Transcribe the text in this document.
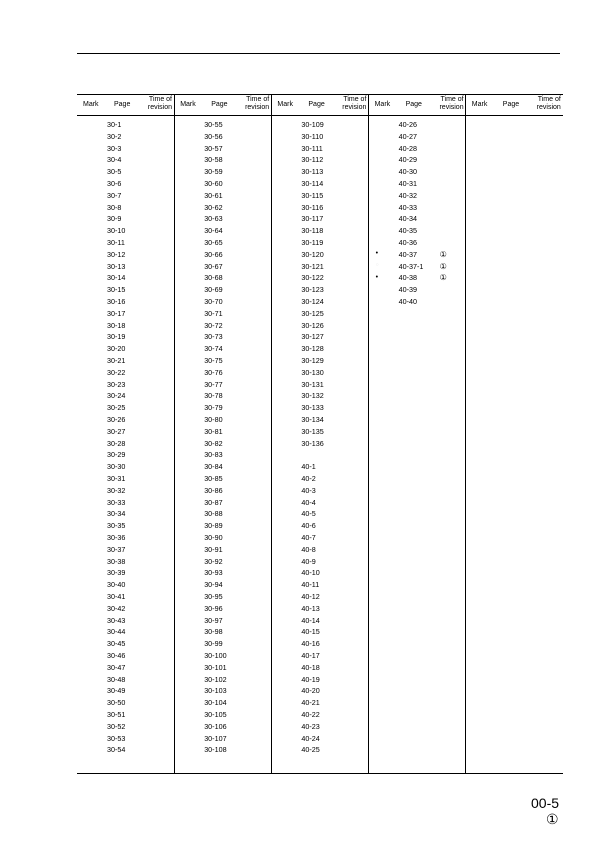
Mark Page
Time of
revision
30-1
30-2
30-3
30-4
30-5
30-6
30-7
30-8
30-9
30-10
30-11
30-12
30-13
30-14
30-15
30-16
30-17
30-18
30-19
30-20
30-21
30-22
30-23
30-24
30-25
30-26
30-27
30-28
30-29
30-30
30-31
30-32
30-33
30-34
30-35
30-36
30-37
30-38
30-39
30-40
30-41
30-42
30-43
30-44
30-45
30-46
30-47
30-48
30-49
30-50
30-51
30-52
30-53
30-54
Mark Page
Time of
revision
30-55
30-56
30-57
30-58
30-59
30-60
30-61
30-62
30-63
30-64
30-65
30-66
30-67
30-68
30-69
30-70
30-71
30-72
30-73
30-74
30-75
30-76
30-77
30-78
30-79
30-80
30-81
30-82
30-83
30-84
30-85
30-86
30-87
30-88
30-89
30-90
30-91
30-92
30-93
30-94
30-95
30-96
30-97
30-98
30-99
30-100
30-101
30-102
30-103
30-104
30-105
30-106
30-107
30-108
Mark Page
Time of
revision
30-109
30-110
30-111
30-112
30-113
30-114
30-115
30-116
30-117
30-118
30-119
30-120
30-121
30-122
30-123
30-124
30-125
30-126
30-127
30-128
30-129
30-130
30-131
30-132
30-133
30-134
30-135
30-136
40-1
40-2
40-3
40-4
40-5
40-6
40-7
40-8
40-9
40-10
40-11
40-12
40-13
40-14
40-15
40-16
40-17
40-18
40-19
40-20
40-21
40-22
40-23
40-24
40-25
Mark Page
Time of
revision
40-26
40-27
40-28
40-29
40-30
40-31
40-32
40-33
40-34
40-35
40-36
•	40-37	①
○	40-37-1 ①
•	40-38	①
40-39
40-40
Mark Page
Time of
revision
00-5
①
